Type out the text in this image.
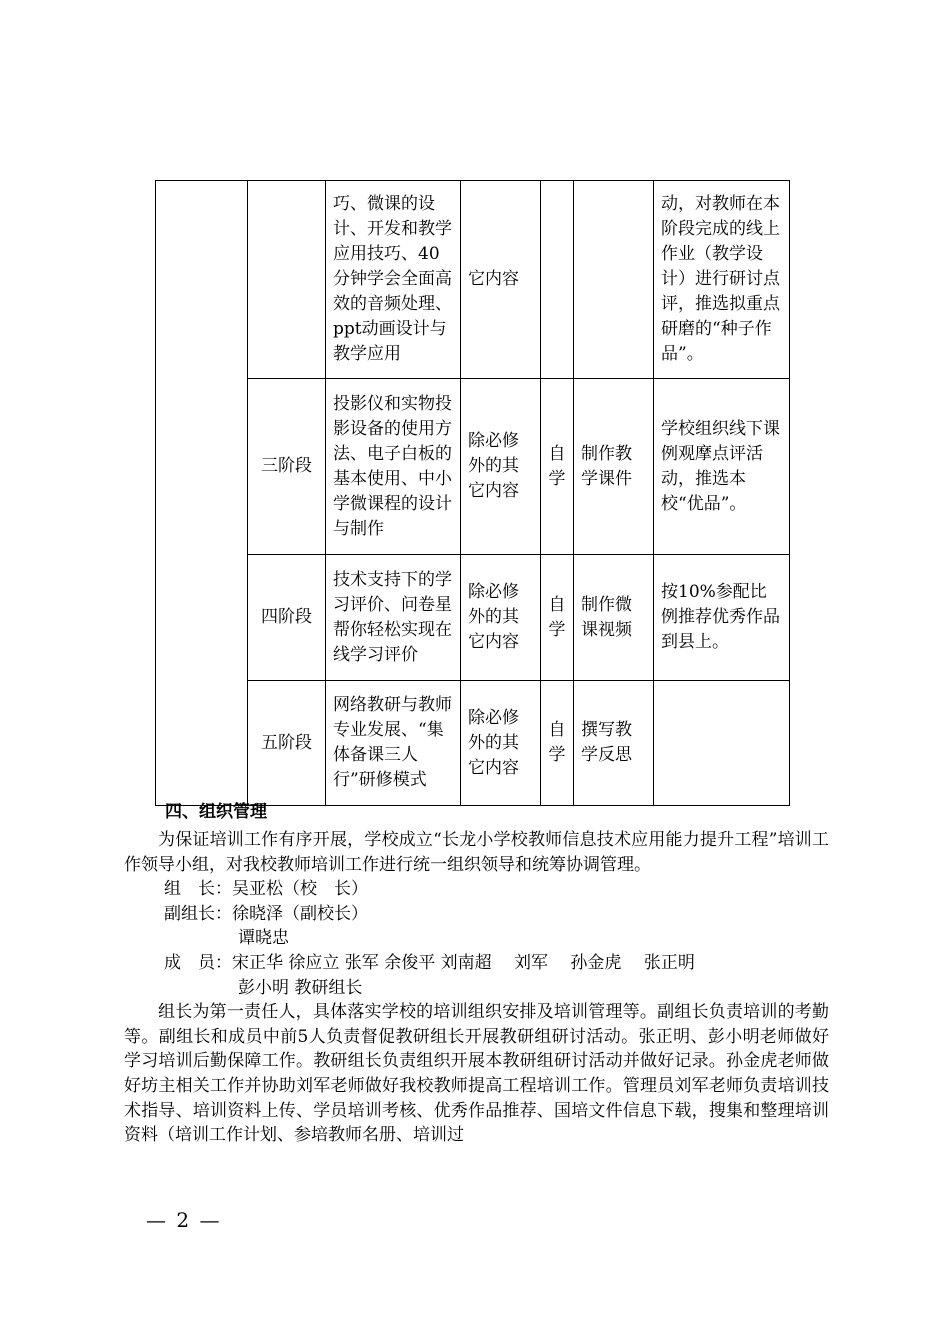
		巧、微课的设计、开发和教学应用技巧、40分钟学会全面高效的音频处理、ppt动画设计与教学应用	它内容			动，对教师在本阶段完成的线上作业（教学设计）进行研讨点评，推选拟重点研磨的“种子作品”。
	三阶段	投影仪和实物投影设备的使用方法、电子白板的基本使用、中小学微课程的设计与制作	除必修外的其它内容	自学	制作教学课件	学校组织线下课例观摩点评活动，推选本校“优品”。
	四阶段	技术支持下的学习评价、问卷星帮你轻松实现在线学习评价	除必修外的其它内容	自学	制作微课视频	按10%参配比例推荐优秀作品到县上。
	五阶段	网络教研与教师专业发展、“集体备课三人行”研修模式	除必修外的其它内容	自学	撰写教学反思	
四、组织管理

为保证培训工作有序开展，学校成立“长龙小学校教师信息技术应用能力提升工程”培训工作领导小组，对我校教师培训工作进行统一组织领导和统筹协调管理。

组　长：吴亚松（校　长）

副组长：徐晓泽（副校长）

谭晓忠

成　员：宋正华 徐应立 张军 余俊平 刘南超　 刘军　 孙金虎　 张正明

彭小明 教研组长

组长为第一责任人，具体落实学校的培训组织安排及培训管理等。副组长负责培训的考勤等。副组长和成员中前5人负责督促教研组长开展教研组研讨活动。张正明、彭小明老师做好学习培训后勤保障工作。教研组长负责组织开展本教研组研讨活动并做好记录。孙金虎老师做好坊主相关工作并协助刘军老师做好我校教师提高工程培训工作。管理员刘军老师负责培训技术指导、培训资料上传、学员培训考核、优秀作品推荐、国培文件信息下载，搜集和整理培训资料（培训工作计划、参培教师名册、培训过

— 2 —
